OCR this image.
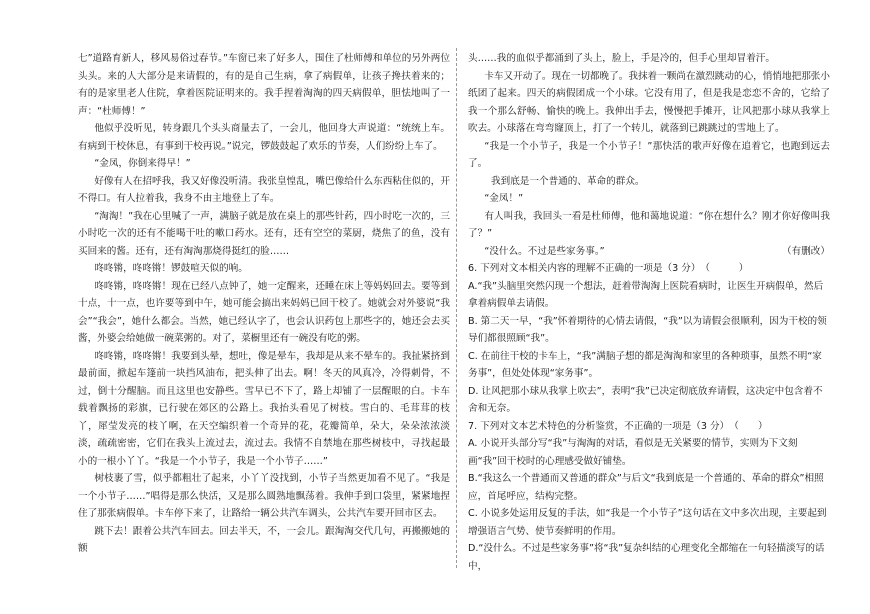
七”道路育新人，移风易俗过春节。”车窗已来了好多人，围住了杜师傅和单位的另外两位头头。来的人大部分是来请假的，有的是自己生病，拿了病假单，让孩子搀扶着来的；有的是家里老人住院，拿着医院证明来的。我手捏着淘淘的四天病假单，胆怯地叫了一声：“杜师傅！”

他似乎没听见，转身跟几个头头商量去了，一会儿，他回身大声说道：“统统上车。有病到干校休息，有事到干校再说。”说完，锣鼓鼓起了欢乐的节奏，人们纷纷上车了。

“金凤，你倒来得早！”

好像有人在招呼我，我又好像没听清。我张皇惶乱，嘴巴像给什么东西粘住似的，开不得口。有人拉着我，我身不由主地登上了车。

“淘淘！”我在心里喊了一声，满脑子就是放在桌上的那些针药，四小时吃一次的，三小时吃一次的还有不能喝干吐的嗽口药水。还有，还有空空的菜厨，烧焦了的鱼，没有买回来的酱。还有，还有淘淘那烧得挺红的脸……

咚咚锵，咚咚锵！锣鼓喧天似的响。

咚咚锵，咚咚锵！现在已经八点钟了，她一定醒来，还睡在床上等妈妈回去。要等到十点，十一点，也许要等到中午，她可能会搞出来妈妈已回干校了。她就会对外婆说“我会”“我会”，她什么都会。当然，她已经认字了，也会认识药包上那些字的，她还会去买酱，外婆会给她做一碗菜粥的。对了，菜橱里还有一碗没有吃的粥。

咚咚锵，咚咚锵！我要到头晕，想吐，像是晕车，我却是从来不晕车的。我扯紧挤到最前面，掀起车篷前一块挡风油布，把头伸了出去。啊！冬天的风真冷，冷得刺骨，不过，倒十分醒脑。而且这里也安静些。雪早已不下了，路上却铺了一层醒眼的白。卡车载着飘扬的彩旗，已行驶在郊区的公路上。我抬头看见了树枝。雪白的、毛茸茸的枝丫，犀莹发亮的枝丫啊，在天空编织着一个奇异的花，花瓣简单，朵大，朵朵浓浓淡淡，疏疏密密，它们在我头上流过去，流过去。我情不自禁地在那些树枝中，寻找起最小的一根小丫丫。“我是一个小节子，我是一个小节子……”

树枝裹了雪，似乎都粗壮了起来，小丫丫没找到，小节子当然更加看不见了。“我是一个小节子……”唱得是那么快活，又是那么圆熟地飘荡着。我伸手到口袋里，紧紧地捏住了那张病假单。卡车停下来了，让路给一辆公共汽车调头，公共汽车要开回市区去。

跳下去！跟着公共汽车回去。回去半天，不，一会儿。跟淘淘交代几句，再搬搬她的额

头……我的血似乎都涌到了头上，脸上，手是冷的，但手心里却冒着汗。

卡车又开动了。现在一切都晚了。我抹着一颗尚在激烈跳动的心，悄悄地把那张小纸团了起来。四天的病假团成一个小球。它没有用了，但是我是恋恋不舍的，它给了我一个那么舒畅、愉快的晚上。我伸出手去，慢慢把手摊开，让风把那小球从我掌上吹去。小球落在弯弯窿顶上，打了一个转儿，就落到已跳跳过的雪地上了。

“我是一个小节子，我是一个小节子！”那快活的歌声好像在追着它，也跑到远去了。

我到底是一个普通的、革命的群众。

“金凤！”

有人叫我，我回头一看是杜师傅，他和蔼地说道：“你在想什么？刚才你好像叫我了？”

“没什么。不过是些家务事。”	（有删改）

6. 下列对文本相关内容的理解不正确的一项是（3 分）　（　　　）

A.“我”头脑里突然闪现一个想法，赶着带淘淘上医院看病时，让医生开病假单，然后拿着病假单去请假。

B. 第二天一早，“我”怀着期待的心情去请假，“我”以为请假会很顺利，因为干校的领导们都很照顾“我”。

C. 在前往干校的卡车上，“我”满脑子想的都是淘淘和家里的各种琐事，虽然不明“家务事”，但处处体现“家务事”。

D. 让风把那小球从我掌上吹去”，表明“我”已决定彻底放弃请假，这决定中包含着不舍和无奈。

7. 下列对文本艺术特色的分析鉴赏，不正确的一项是（3 分）　（　　）

A. 小说开头部分写“我”与淘淘的对话，看似是无关紧要的情节，实则为下文刻画“我”回干校时的心理感受做好铺垫。

B.“我这么一个普通而又普通的群众”与后文“我到底是一个普通的、革命的群众”相照应，首尾呼应，结构完整。

C. 小说多处运用反复的手法，如“我是一个小节子”这句话在文中多次出现，主要起到增强语言气势、使节奏鲜明的作用。

D.“没什么。不过是些家务事”将“我”复杂纠结的心理变化全都缩在一句轻描淡写的话中，
